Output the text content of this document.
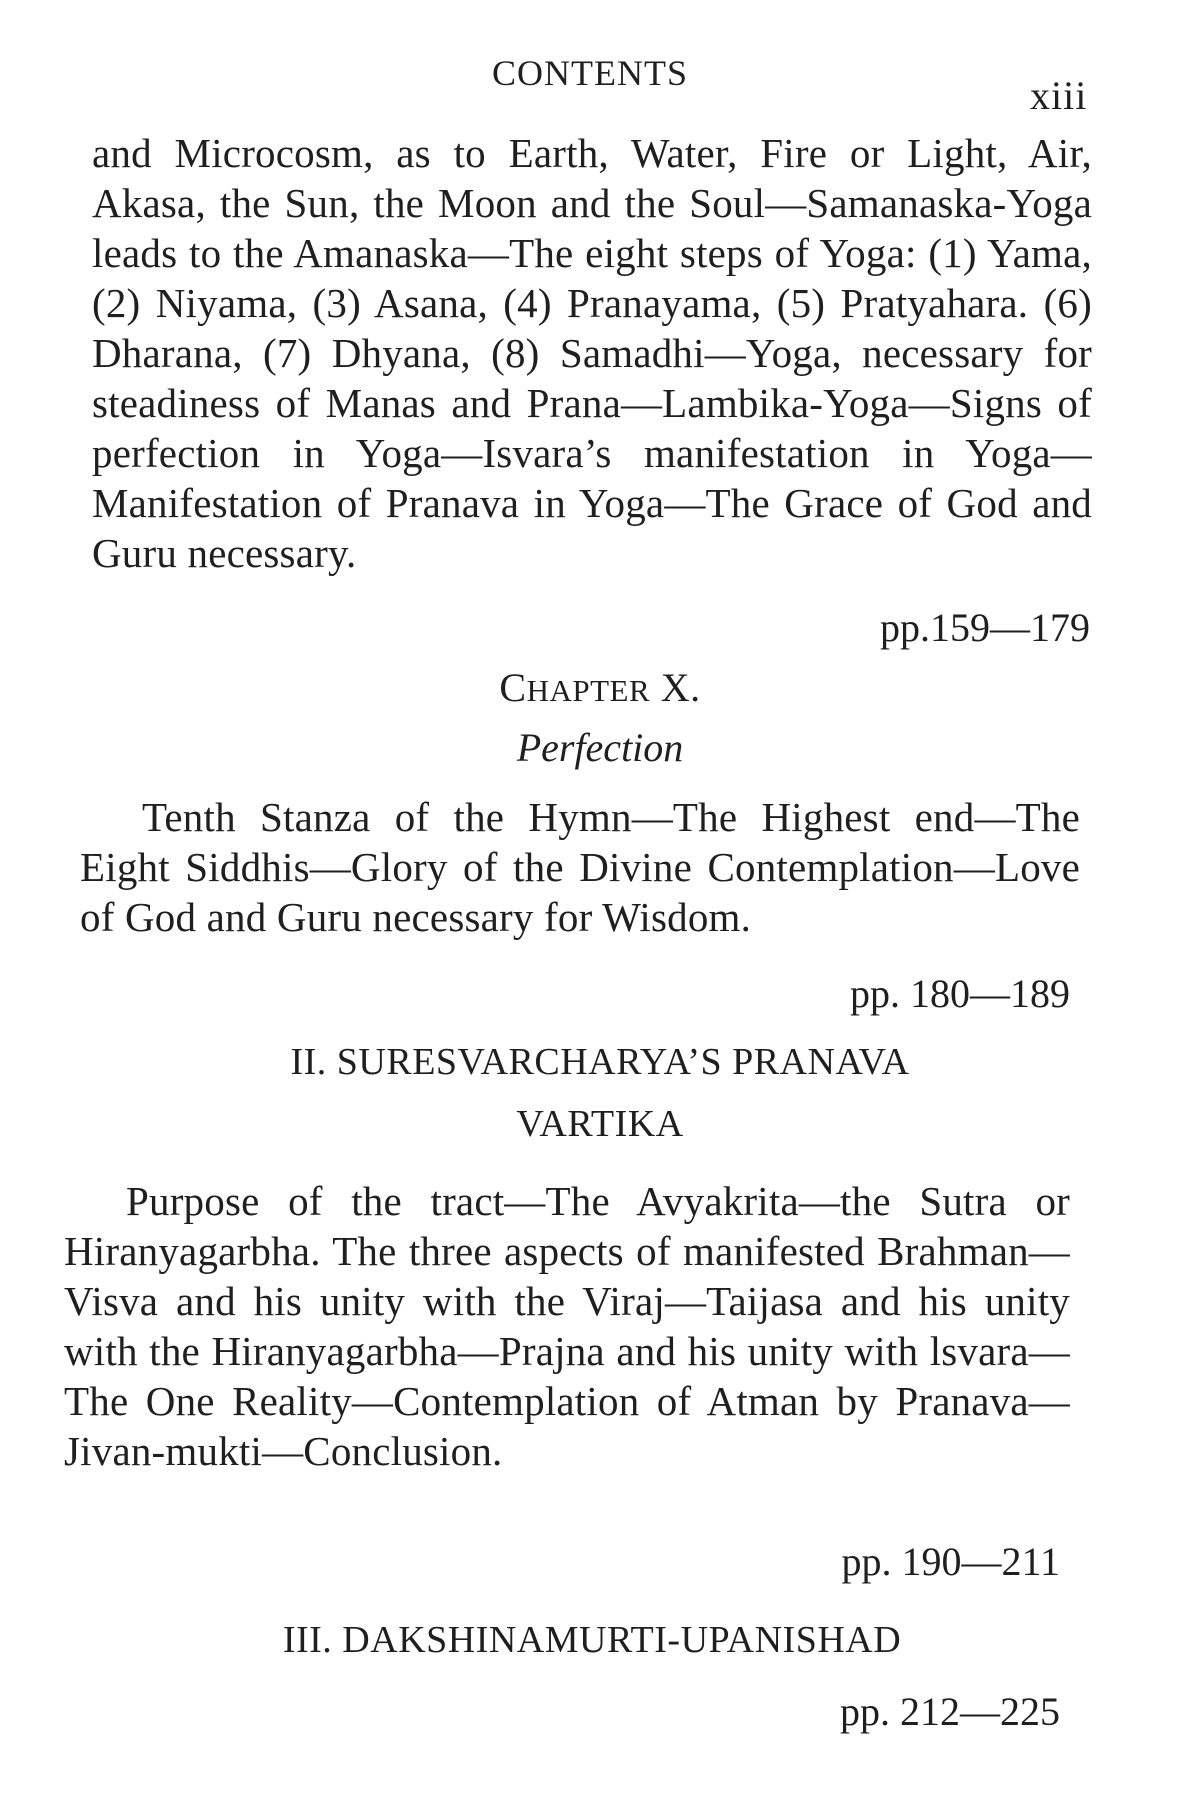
CONTENTS	xiii

and Microcosm, as to Earth, Water, Fire or Light, Air, Akasa, the Sun, the Moon and the Soul—Samanaska-Yoga leads to the Amanaska—The eight steps of Yoga: (1) Yama, (2) Niyama, (3) Asana, (4) Pranayama, (5) Pratyahara. (6) Dharana, (7) Dhyana, (8) Samadhi—Yoga, necessary for steadiness of Manas and Prana—Lambika-Yoga—Signs of perfection in Yoga—Isvara’s manifestation in Yoga—Manifestation of Pranava in Yoga—The Grace of God and Guru necessary.

pp.159—179
CHAPTER X.
Perfection

Tenth Stanza of the Hymn—The Highest end—The Eight Siddhis—Glory of the Divine Contemplation—Love of God and Guru necessary for Wisdom.

pp. 180—189
II. SURESVARCHARYA’S PRANAVA
VARTIKA

Purpose of the tract—The Avyakrita—the Sutra or Hiranyagarbha. The three aspects of manifested Brahman—Visva and his unity with the Viraj—Taijasa and his unity with the Hiranyagarbha—Prajna and his unity with lsvara—The One Reality—Contemplation of Atman by Pranava— Jivan-mukti—Conclusion.

pp. 190—211
III. DAKSHINAMURTI-UPANISHAD
pp. 212—225
